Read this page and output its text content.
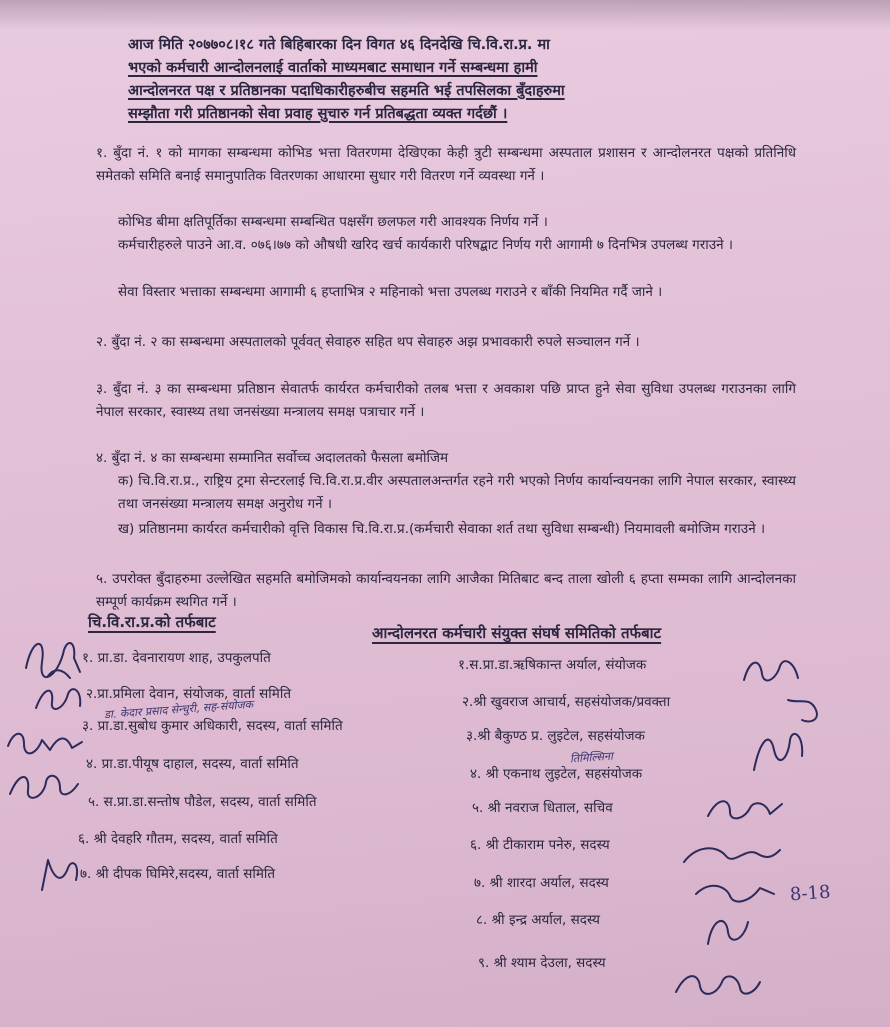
आज मिति २०७७०८।१८ गते बिहिबारका दिन विगत ४६ दिनदेखि चि.वि.रा.प्र. मा
भएको कर्मचारी आन्दोलनलाई वार्ताको माध्यमबाट समाधान गर्ने सम्बन्धमा हामी
आन्दोलनरत पक्ष र प्रतिष्ठानका पदाधिकारीहरुबीच सहमति भई तपसिलका बुँदाहरुमा
सम्झौता गरी प्रतिष्ठानको सेवा प्रवाह सुचारु गर्न प्रतिबद्धता व्यक्त गर्दछौं ।
१. बुँदा नं. १ को मागका सम्बन्धमा कोभिड भत्ता वितरणमा देखिएका केही त्रुटी सम्बन्धमा अस्पताल प्रशासन र आन्दोलनरत पक्षको प्रतिनिधि समेतको समिति बनाई समानुपातिक वितरणका आधारमा सुधार गरी वितरण गर्ने व्यवस्था गर्ने ।
कोभिड बीमा क्षतिपूर्तिका सम्बन्धमा सम्बन्धित पक्षसँग छलफल गरी आवश्यक निर्णय गर्ने ।
कर्मचारीहरुले पाउने आ.व. ०७६।७७ को औषधी खरिद खर्च कार्यकारी परिषद्बाट निर्णय गरी आगामी ७ दिनभित्र उपलब्ध गराउने ।
सेवा विस्तार भत्ताका सम्बन्धमा आगामी ६ हप्ताभित्र २ महिनाको भत्ता उपलब्ध गराउने र बाँकी नियमित गर्दै जाने ।
२. बुँदा नं. २ का सम्बन्धमा अस्पतालको पूर्ववत् सेवाहरु सहित थप सेवाहरु अझ प्रभावकारी रुपले सञ्चालन गर्ने ।
३. बुँदा नं. ३ का सम्बन्धमा प्रतिष्ठान सेवातर्फ कार्यरत कर्मचारीको तलब भत्ता र अवकाश पछि प्राप्त हुने सेवा सुविधा उपलब्ध गराउनका लागि नेपाल सरकार, स्वास्थ्य तथा जनसंख्या मन्त्रालय समक्ष पत्राचार गर्ने ।
४. बुँदा नं. ४ का सम्बन्धमा सम्मानित सर्वोच्च अदालतको फैसला बमोजिम
क) चि.वि.रा.प्र., राष्ट्रिय ट्रमा सेन्टरलाई चि.वि.रा.प्र.वीर अस्पतालअन्तर्गत रहने गरी भएको निर्णय कार्यान्वयनका लागि नेपाल सरकार, स्वास्थ्य तथा जनसंख्या मन्त्रालय समक्ष अनुरोध गर्ने ।
ख) प्रतिष्ठानमा कार्यरत कर्मचारीको वृत्ति विकास चि.वि.रा.प्र.(कर्मचारी सेवाका शर्त तथा सुविधा सम्बन्धी) नियमावली बमोजिम गराउने ।
५. उपरोक्त बुँदाहरुमा उल्लेखित सहमति बमोजिमको कार्यान्वयनका लागि आजैका मितिबाट बन्द ताला खोली ६ हप्ता सम्मका लागि आन्दोलनका सम्पूर्ण कार्यक्रम स्थगित गर्ने ।
चि.वि.रा.प्र.को तर्फबाट
आन्दोलनरत कर्मचारी संयुक्त संघर्ष समितिको तर्फबाट
१. प्रा.डा. देवनारायण शाह, उपकुलपति
२.प्रा.प्रमिला देवान, संयोजक, वार्ता समिति
डा. केदार प्रसाद सेन्चुरी, सह-संयोजक
३. प्रा.डा.सुबोध कुमार अधिकारी, सदस्य, वार्ता समिति
४. प्रा.डा.पीयूष दाहाल, सदस्य, वार्ता समिति
५. स.प्रा.डा.सन्तोष पौडेल, सदस्य, वार्ता समिति
६. श्री देवहरि गौतम, सदस्य, वार्ता समिति
७. श्री दीपक घिमिरे,सदस्य, वार्ता समिति
१.स.प्रा.डा.ऋषिकान्त अर्याल, संयोजक
२.श्री खुवराज आचार्य, सहसंयोजक/प्रवक्ता
३.श्री बैकुण्ठ प्र. लुइटेल, सहसंयोजक
तिमिल्सिना
४. श्री एकनाथ लुइटेल, सहसंयोजक
५. श्री नवराज धिताल, सचिव
६. श्री टीकाराम पनेरु, सदस्य
७. श्री शारदा अर्याल, सदस्य
८. श्री इन्द्र अर्याल, सदस्य
९. श्री श्याम देउला, सदस्य
8-18
